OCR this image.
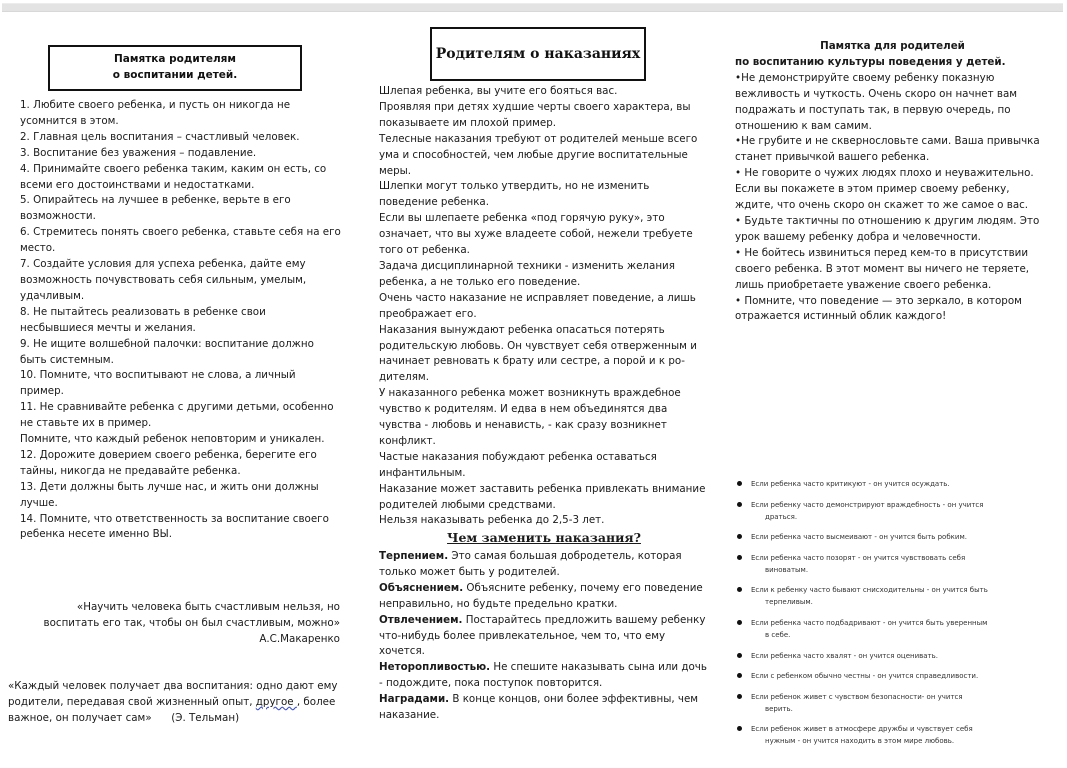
Памятка родителям
о воспитании детей.

1. Любите своего ребенка, и пусть он никогда не усомнится в этом.

2. Главная цель воспитания – счастливый человек.

3. Воспитание без уважения – подавление.

4. Принимайте своего ребенка таким, каким он есть, со всеми его достоинствами и недостатками.

5. Опирайтесь на лучшее в ребенке, верьте в его возможности.

6. Стремитесь понять своего ребенка, ставьте себя на его место.

7. Создайте условия для успеха ребенка, дайте ему возможность почувствовать себя сильным, умелым, удачливым.

8. Не пытайтесь реализовать в ребенке свои несбывшиеся мечты и желания.

9. Не ищите волшебной палочки: воспитание должно быть системным.

10. Помните, что воспитывают не слова, а личный пример.

11. Не сравнивайте ребенка с другими детьми, особенно не ставьте их в пример.

Помните, что каждый ребенок неповторим и уникален.

12. Дорожите доверием своего ребенка, берегите его тайны, никогда не предавайте ребенка.

13. Дети должны быть лучше нас, и жить они должны лучше.

14. Помните, что ответственность за воспитание своего ребенка несете именно ВЫ.

«Научить человека быть счастливым нельзя, но воспитать его так, чтобы он был счастливым, можно»
А.С.Макаренко
«Каждый человек получает два воспитания: одно дают ему родители, передавая свой жизненный опыт, другое , более важное, он получает сам» (Э. Тельман)
Родителям о наказаниях

Шлепая ребенка, вы учите его бояться вас.

Проявляя при детях худшие черты своего характера, вы показываете им плохой пример.

Телесные наказания требуют от родителей меньше всего ума и способностей, чем любые другие воспитательные меры.

Шлепки могут только утвердить, но не изменить поведение ребенка.

Если вы шлепаете ребенка «под горячую руку», это означает, что вы хуже владеете собой, нежели требуете того от ребенка.

Задача дисциплинарной техники - изменить желания ребенка, а не только его поведение.

Очень часто наказание не исправляет поведение, а лишь преображает его.

Наказания вынуждают ребенка опасаться потерять родительскую любовь. Он чувствует себя отверженным и начинает ревновать к брату или сестре, а порой и к ро-дителям.

У наказанного ребенка может возникнуть враждебное чувство к родителям. И едва в нем объединятся два чувства - любовь и ненависть, - как сразу возникнет конфликт.

Частые наказания побуждают ребенка оставаться инфантильным.

Наказание может заставить ребенка привлекать внимание родителей любыми средствами.

Нельзя наказывать ребенка до 2,5-3 лет.

Чем заменить наказания?

Терпением. Это самая большая добродетель, которая только может быть у родителей.

Объяснением. Объясните ребенку, почему его поведение неправильно, но будьте предельно кратки.

Отвлечением. Постарайтесь предложить вашему ребенку что-нибудь более привлекательное, чем то, что ему хочется.

Неторопливостью. Не спешите наказывать сына или дочь - подождите, пока поступок повторится.

Наградами. В конце концов, они более эффективны, чем наказание.

Памятка для родителей
по воспитанию культуры поведения у детей.

•Не демонстрируйте своему ребенку показную вежливость и чуткость. Очень скоро он начнет вам подражать и поступать так, в первую очередь, по отношению к вам самим.

•Не грубите и не сквернословьте сами. Ваша привычка станет привычкой вашего ребенка.

• Не говорите о чужих людях плохо и неуважительно. Если вы покажете в этом пример своему ребенку, ждите, что очень скоро он скажет то же самое о вас.

• Будьте тактичны по отношению к другим людям. Это урок вашему ребенку добра и человечности.

• Не бойтесь извиниться перед кем-то в присутствии своего ребенка. В этот момент вы ничего не теряете, лишь приобретаете уважение своего ребенка.

• Помните, что поведение — это зеркало, в котором отражается истинный облик каждого!

Если ребенка часто критикуют - он учится осуждать.
Если ребенку часто демонстрируют враждебность - он учится
драться.
Если ребенка часто высмеивают - он учится быть робким.
Если ребенка часто позорят - он учится чувствовать себя
виноватым.
Если к ребенку часто бывают снисходительны - он учится быть
терпеливым.
Если ребенка часто подбадривают - он учится быть уверенным
в себе.
Если ребенка часто хвалят - он учится оценивать.
Если с ребенком обычно честны - он учится справедливости.
Если ребенок живет с чувством безопасности- он учится
верить.
Если ребенок живет в атмосфере дружбы и чувствует себя
нужным - он учится находить в этом мире любовь.
